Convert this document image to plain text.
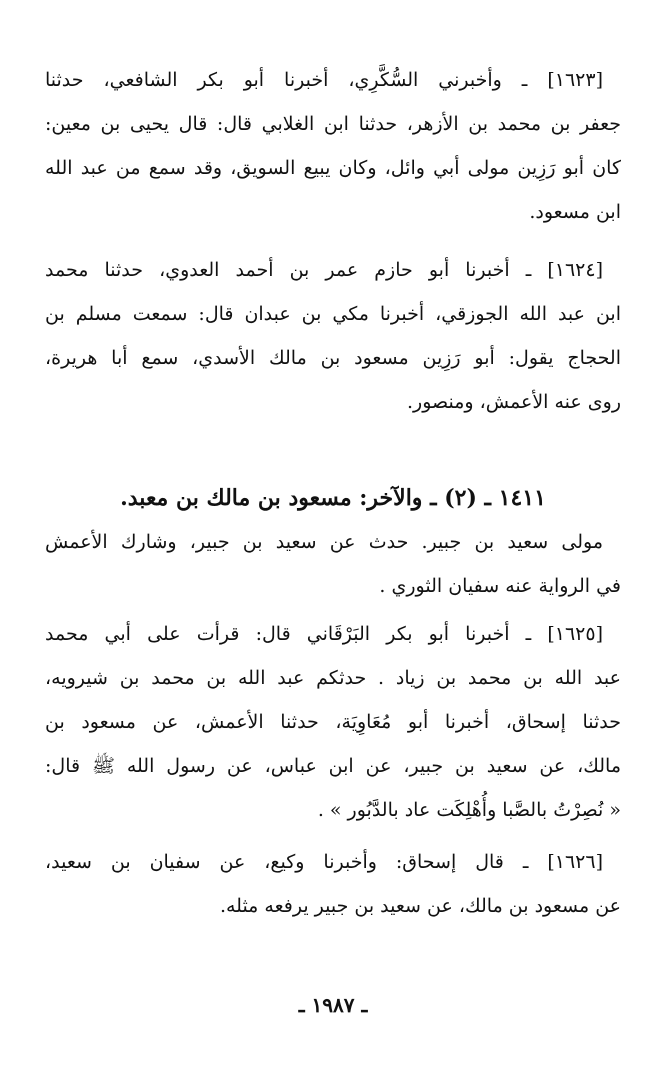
[١٦٢٣] ـ وأخبرني السُّكَّرِي، أخبرنا أبو بكر الشافعي، حدثنا
جعفر بن محمد بن الأزهر، حدثنا ابن الغلابي قال: قال يحيى بن معين:
كان أبو رَزِين مولى أبي وائل، وكان يبيع السويق، وقد سمع من عبد الله
ابن مسعود.
[١٦٢٤] ـ أخبرنا أبو حازم عمر بن أحمد العدوي، حدثنا محمد
ابن عبد الله الجوزقي، أخبرنا مكي بن عبدان قال: سمعت مسلم بن
الحجاج يقول: أبو رَزِين مسعود بن مالك الأسدي، سمع أبا هريرة،
روى عنه الأعمش، ومنصور.
١٤١١ ـ (٢) ـ والآخر: مسعود بن مالك بن معبد.
مولى سعيد بن جبير. حدث عن سعيد بن جبير، وشارك الأعمش
في الرواية عنه سفيان الثوري .
[١٦٢٥] ـ أخبرنا أبو بكر البَرْقَاني قال: قرأت على أبي محمد
عبد الله بن محمد بن زياد . حدثكم عبد الله بن محمد بن شيرويه،
حدثنا إسحاق، أخبرنا أبو مُعَاوِيَة، حدثنا الأعمش، عن مسعود بن
مالك، عن سعيد بن جبير، عن ابن عباس، عن رسول الله ﷺ قال:
« نُصِرْتُ بالصَّبا وأُهْلِكَت عاد بالدَّبُور » .
[١٦٢٦] ـ قال إسحاق: وأخبرنا وكيع، عن سفيان بن سعيد،
عن مسعود بن مالك، عن سعيد بن جبير يرفعه مثله.
ـ ١٩٨٧ ـ
